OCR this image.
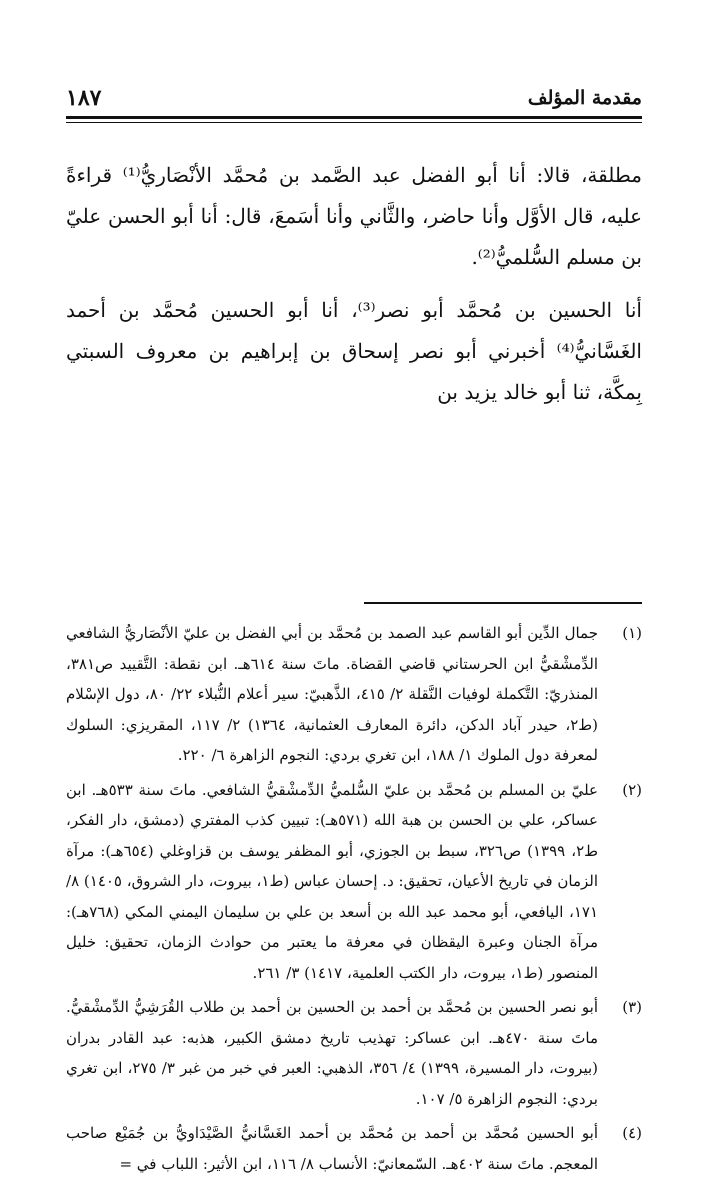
مقدمة المؤلف
١٨٧

مطلقة، قالا: أنا أبو الفضل عبد الصَّمد بن مُحمَّد الأنْصَاريُّ⁽¹⁾ قراءةً عليه، قال الأوَّل وأنا حاضر، والثَّاني وأنا أسَمعَ، قال: أنا أبو الحسن عليّ بن مسلم السُّلميُّ⁽²⁾.

أنا الحسين بن مُحمَّد أبو نصر⁽³⁾، أنا أبو الحسين مُحمَّد بن أحمد الغَسَّانيُّ⁽⁴⁾ أخبرني أبو نصر إسحاق بن إبراهيم بن معروف السبتي بِمكَّة، ثنا أبو خالد يزيد بن

(١)
جمال الدِّين أبو القاسم عبد الصمد بن مُحمَّد بن أبي الفضل بن عليّ الأنْصَاريُّ الشافعي الدِّمشْقيُّ ابن الحرستاني قاضي القضاة. ماتَ سنة ٦١٤هـ. ابن نقطة: التَّقييد ص٣٨١، المنذريّ: التَّكملة لوفيات النَّقلة ٢/ ٤١٥، الذَّهبيّ: سير أعلام النُّبلاء ٢٢/ ٨٠، دول الإسْلام (ط٢، حيدر آباد الدكن، دائرة المعارف العثمانية، ١٣٦٤) ٢/ ١١٧، المقريزي: السلوك لمعرفة دول الملوك ١/ ١٨٨، ابن تغري بردي: النجوم الزاهرة ٦/ ٢٢٠.
(٢)
عليّ بن المسلم بن مُحمَّد بن عليّ السُّلميُّ الدِّمشْقيُّ الشافعي. ماتَ سنة ٥٣٣هـ. ابن عساكر، علي بن الحسن بن هبة الله (٥٧١هـ): تبيين كذب المفتري (دمشق، دار الفكر، ط٢، ١٣٩٩) ص٣٢٦، سبط بن الجوزي، أبو المظفر يوسف بن قزاوغلي (٦٥٤هـ): مرآة الزمان في تاريخ الأعيان، تحقيق: د. إحسان عباس (ط١، بيروت، دار الشروق، ١٤٠٥) ٨/ ١٧١، اليافعي، أبو محمد عبد الله بن أسعد بن علي بن سليمان اليمني المكي (٧٦٨هـ): مرآة الجنان وعبرة اليقظان في معرفة ما يعتبر من حوادث الزمان، تحقيق: خليل المنصور (ط١، بيروت، دار الكتب العلمية، ١٤١٧) ٣/ ٢٦١.
(٣)
أبو نصر الحسين بن مُحمَّد بن أحمد بن الحسين بن أحمد بن طلاب القُرَشِيُّ الدِّمشْقيُّ. ماتَ سنة ٤٧٠هـ. ابن عساكر: تهذيب تاريخ دمشق الكبير، هذبه: عبد القادر بدران (بيروت، دار المسيرة، ١٣٩٩) ٤/ ٣٥٦، الذهبي: العبر في خبر من غبر ٣/ ٢٧٥، ابن تغري بردي: النجوم الزاهرة ٥/ ١٠٧.
(٤)
أبو الحسين مُحمَّد بن أحمد بن مُحمَّد بن أحمد الغَسَّانيُّ الصَّيْدَاويُّ بن جُمَيْع صاحب المعجم. ماتَ سنة ٤٠٢هـ. السّمعانيّ: الأنساب ٨/ ١١٦، ابن الأثير: اللباب في =
